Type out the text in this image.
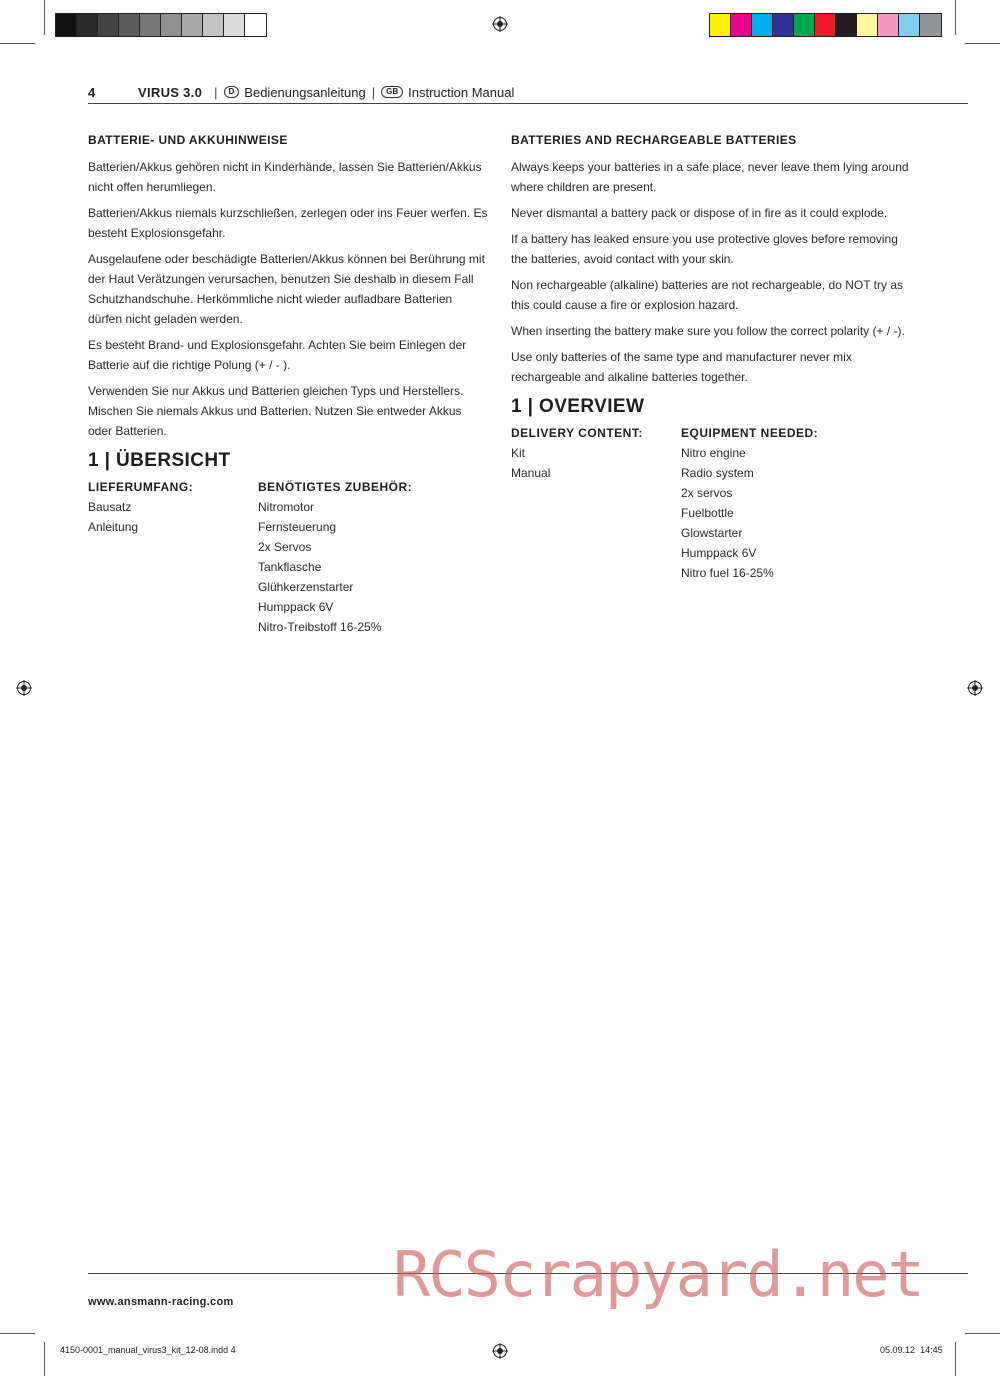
4	VIRUS 3.0 |	D Bedienungsanleitung |	GB Instruction Manual
BATTERIE- UND AKKUHINWEISE

Batterien/Akkus gehören nicht in Kinderhände, lassen Sie Batterien/Akkus nicht offen herumliegen.

Batterien/Akkus niemals kurzschließen, zerlegen oder ins Feuer werfen. Es besteht Explosionsgefahr.

Ausgelaufene oder beschädigte Batterien/Akkus können bei Berührung mit der Haut Verätzungen verursachen, benutzen Sie deshalb in diesem Fall Schutzhandschuhe. Herkömmliche nicht wieder aufladbare Batterien dürfen nicht geladen werden.

Es besteht Brand- und Explosionsgefahr. Achten Sie beim Einlegen der Batterie auf die richtige Polung (+ / - ).

Verwenden Sie nur Akkus und Batterien gleichen Typs und Herstellers. Mischen Sie niemals Akkus und Batterien. Nutzen Sie entweder Akkus oder Batterien.

1 | ÜBERSICHT
LIEFERUMFANG:
Bausatz
Anleitung
BENÖTIGTES ZUBEHÖR:
Nitromotor
Fernsteuerung
2x Servos
Tankflasche
Glühkerzenstarter
Humppack 6V
Nitro-Treibstoff 16-25%
BATTERIES AND RECHARGEABLE BATTERIES

Always keeps your batteries in a safe place, never leave them lying around where children are present.

Never dismantal a battery pack or dispose of in fire as it could explode.

If a battery has leaked ensure you use protective gloves before removing the batteries, avoid contact with your skin.

Non rechargeable (alkaline) batteries are not rechargeable, do NOT try as this could cause a fire or explosion hazard.

When inserting the battery make sure you follow the correct polarity (+ / -).

Use only batteries of the same type and manufacturer never mix rechargeable and alkaline batteries together.

1 | OVERVIEW
DELIVERY CONTENT:
Kit
Manual
EQUIPMENT NEEDED:
Nitro engine
Radio system
2x servos
Fuelbottle
Glowstarter
Humppack 6V
Nitro fuel 16-25%
www.ansmann-racing.com	RCScrapyard.net
4150-0001_manual_virus3_kit_12-08.indd 4	05.09.12 14:45
